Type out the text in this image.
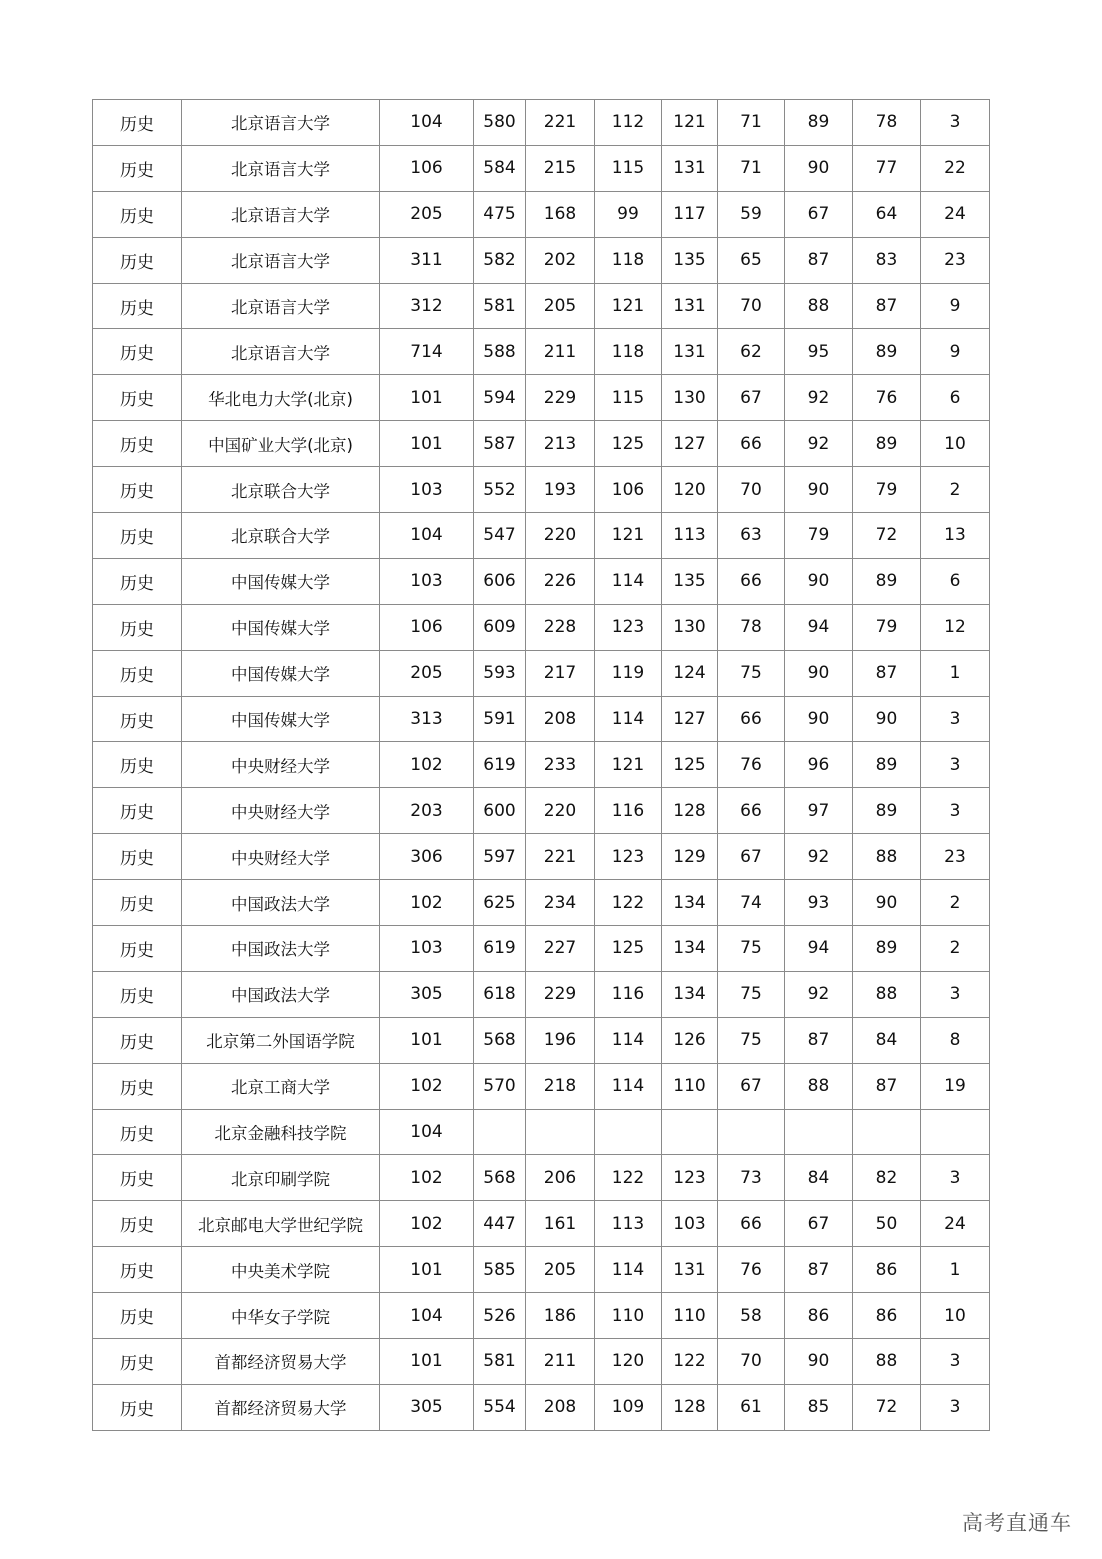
历史	北京语言大学	104	580	221	112	121	71	89	78	3
历史	北京语言大学	106	584	215	115	131	71	90	77	22
历史	北京语言大学	205	475	168	99	117	59	67	64	24
历史	北京语言大学	311	582	202	118	135	65	87	83	23
历史	北京语言大学	312	581	205	121	131	70	88	87	9
历史	北京语言大学	714	588	211	118	131	62	95	89	9
历史	华北电力大学(北京)	101	594	229	115	130	67	92	76	6
历史	中国矿业大学(北京)	101	587	213	125	127	66	92	89	10
历史	北京联合大学	103	552	193	106	120	70	90	79	2
历史	北京联合大学	104	547	220	121	113	63	79	72	13
历史	中国传媒大学	103	606	226	114	135	66	90	89	6
历史	中国传媒大学	106	609	228	123	130	78	94	79	12
历史	中国传媒大学	205	593	217	119	124	75	90	87	1
历史	中国传媒大学	313	591	208	114	127	66	90	90	3
历史	中央财经大学	102	619	233	121	125	76	96	89	3
历史	中央财经大学	203	600	220	116	128	66	97	89	3
历史	中央财经大学	306	597	221	123	129	67	92	88	23
历史	中国政法大学	102	625	234	122	134	74	93	90	2
历史	中国政法大学	103	619	227	125	134	75	94	89	2
历史	中国政法大学	305	618	229	116	134	75	92	88	3
历史	北京第二外国语学院	101	568	196	114	126	75	87	84	8
历史	北京工商大学	102	570	218	114	110	67	88	87	19
历史	北京金融科技学院	104								
历史	北京印刷学院	102	568	206	122	123	73	84	82	3
历史	北京邮电大学世纪学院	102	447	161	113	103	66	67	50	24
历史	中央美术学院	101	585	205	114	131	76	87	86	1
历史	中华女子学院	104	526	186	110	110	58	86	86	10
历史	首都经济贸易大学	101	581	211	120	122	70	90	88	3
历史	首都经济贸易大学	305	554	208	109	128	61	85	72	3
高考直通车
